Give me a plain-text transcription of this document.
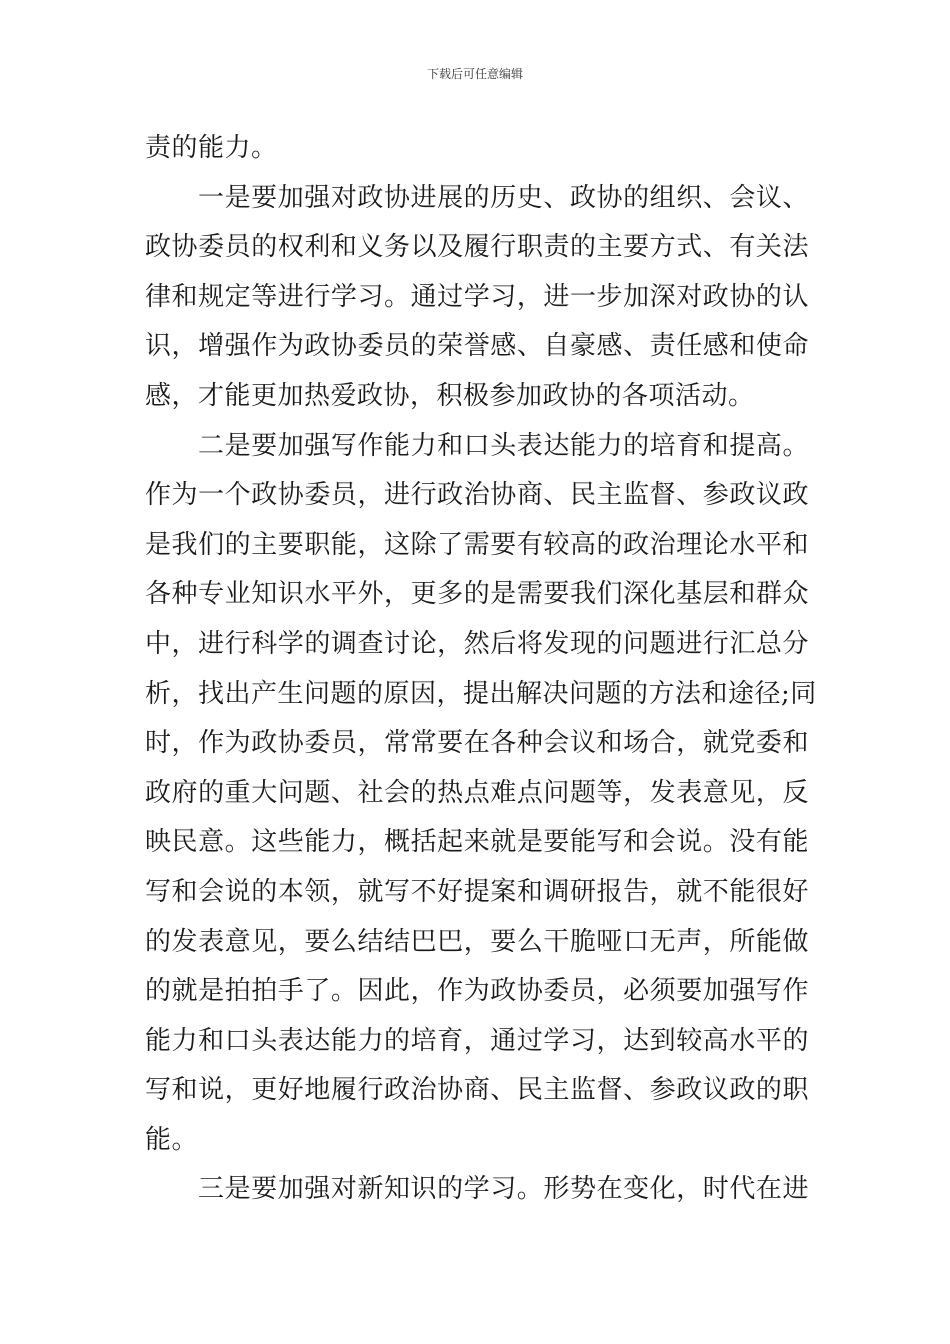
下载后可任意编辑
责的能力。
一是要加强对政协进展的历史、政协的组织、会议、
政协委员的权利和义务以及履行职责的主要方式、有关法
律和规定等进行学习。通过学习，进一步加深对政协的认
识，增强作为政协委员的荣誉感、自豪感、责任感和使命
感，才能更加热爱政协，积极参加政协的各项活动。
二是要加强写作能力和口头表达能力的培育和提高。
作为一个政协委员，进行政治协商、民主监督、参政议政
是我们的主要职能，这除了需要有较高的政治理论水平和
各种专业知识水平外，更多的是需要我们深化基层和群众
中，进行科学的调查讨论，然后将发现的问题进行汇总分
析，找出产生问题的原因，提出解决问题的方法和途径;同
时，作为政协委员，常常要在各种会议和场合，就党委和
政府的重大问题、社会的热点难点问题等，发表意见，反
映民意。这些能力，概括起来就是要能写和会说。没有能
写和会说的本领，就写不好提案和调研报告，就不能很好
的发表意见，要么结结巴巴，要么干脆哑口无声，所能做
的就是拍拍手了。因此，作为政协委员，必须要加强写作
能力和口头表达能力的培育，通过学习，达到较高水平的
写和说，更好地履行政治协商、民主监督、参政议政的职
能。
三是要加强对新知识的学习。形势在变化，时代在进
